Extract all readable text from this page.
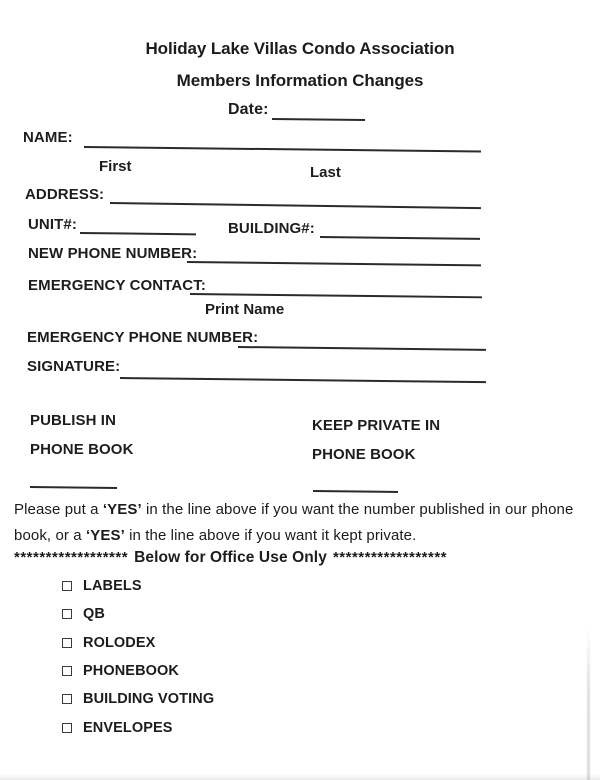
Holiday Lake Villas Condo Association
Members Information Changes
Date:
NAME:
First	Last
ADDRESS:
UNIT#:	BUILDING#:
NEW PHONE NUMBER:
EMERGENCY CONTACT:
Print Name
EMERGENCY PHONE NUMBER:
SIGNATURE:
PUBLISH IN
PHONE BOOK
KEEP PRIVATE IN
PHONE BOOK
Please put a ‘YES’ in the line above if you want the number published in our phone
book, or a ‘YES’ in the line above if you want it kept private.
****************** Below for Office Use Only ******************
LABELS
QB
ROLODEX
PHONEBOOK
BUILDING VOTING
ENVELOPES
